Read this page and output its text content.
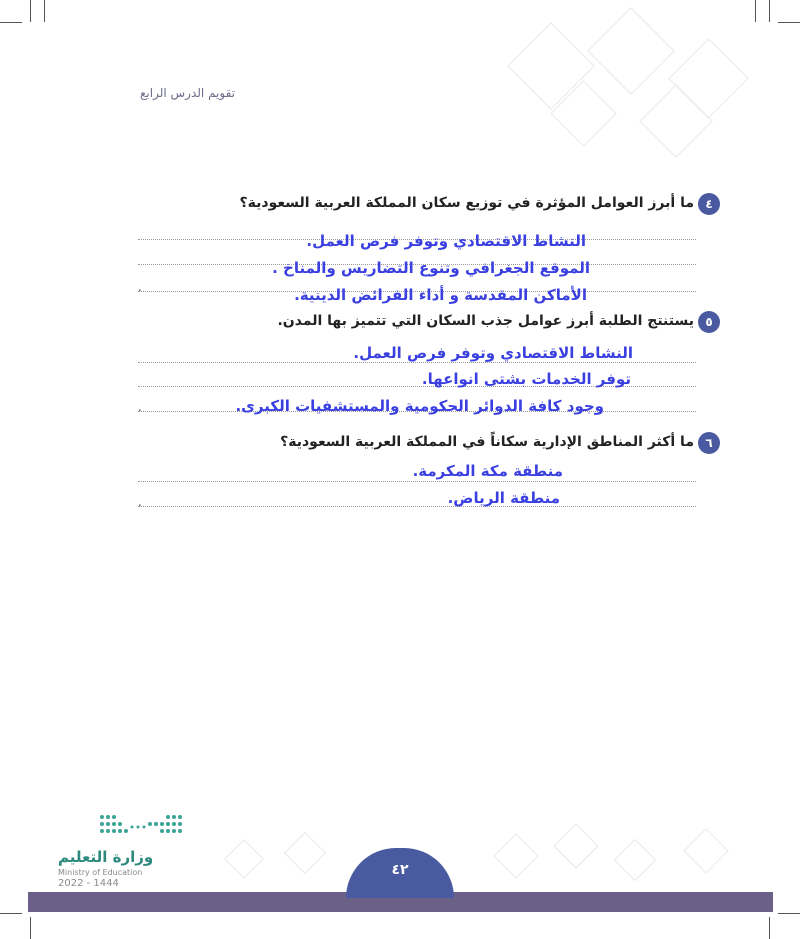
تقويم الدرس الرابع
٤
ما أبرز العوامل المؤثرة في توزيع سكان المملكة العربية السعودية؟
.
النشاط الاقتصادي وتوفر فرص العمل.
الموقع الجغرافي وتنوع التضاريس والمناخ .
الأماكن المقدسة و أداء الفرائض الدينية.
٥
يستنتج الطلبة أبرز عوامل جذب السكان التي تتميز بها المدن.
.
النشاط الاقتصادي وتوفر فرص العمل.
توفر الخدمات بشتى انواعها.
وجود كافة الدوائر الحكومية والمستشفيات الكبرى.
٦
ما أكثر المناطق الإدارية سكاناً في المملكة العربية السعودية؟
.
منطقة مكة المكرمة.
منطقة الرياض.
٤٢
وزارة التعليم
Ministry of Education
2022 - 1444
